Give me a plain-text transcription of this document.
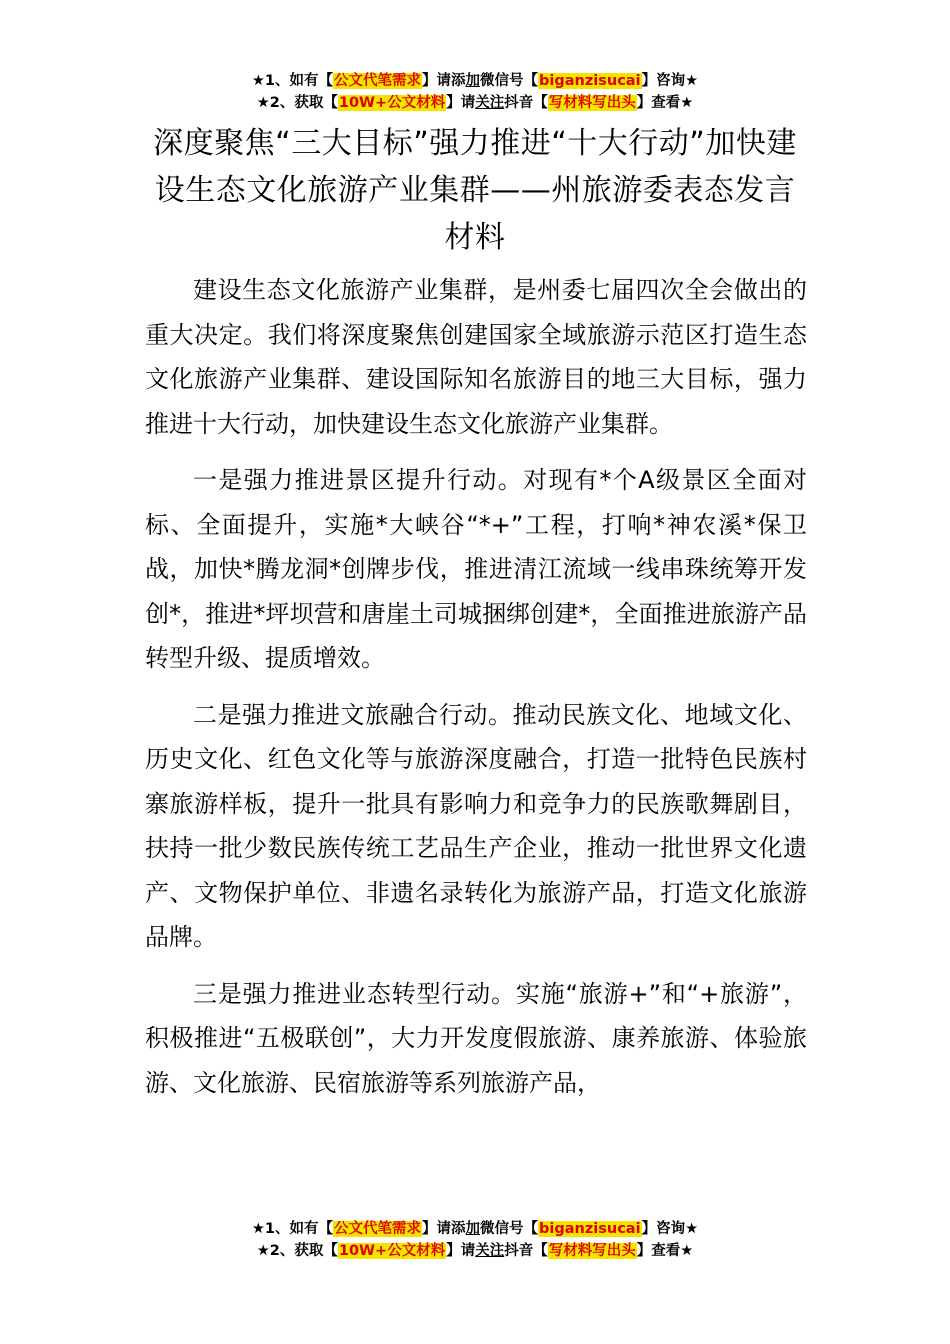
★1、如有【公文代笔需求】请添加微信号【biganzisucai】咨询★
★2、获取【10W+公文材料】请关注抖音【写材料写出头】查看★
深度聚焦“三大目标”强力推进“十大行动”加快建设生态文化旅游产业集群——州旅游委表态发言材料

建设生态文化旅游产业集群，是州委七届四次全会做出的重大决定。我们将深度聚焦创建国家全域旅游示范区打造生态文化旅游产业集群、建设国际知名旅游目的地三大目标，强力推进十大行动，加快建设生态文化旅游产业集群。

一是强力推进景区提升行动。对现有*个A级景区全面对标、全面提升，实施*大峡谷“*+”工程，打响*神农溪*保卫战，加快*腾龙洞*创牌步伐，推进清江流域一线串珠统筹开发创*，推进*坪坝营和唐崖土司城捆绑创建*，全面推进旅游产品转型升级、提质增效。

二是强力推进文旅融合行动。推动民族文化、地域文化、历史文化、红色文化等与旅游深度融合，打造一批特色民族村寨旅游样板，提升一批具有影响力和竞争力的民族歌舞剧目，扶持一批少数民族传统工艺品生产企业，推动一批世界文化遗产、文物保护单位、非遗名录转化为旅游产品，打造文化旅游品牌。

三是强力推进业态转型行动。实施“旅游+”和“+旅游”，积极推进“五极联创”，大力开发度假旅游、康养旅游、体验旅游、文化旅游、民宿旅游等系列旅游产品，

★1、如有【公文代笔需求】请添加微信号【biganzisucai】咨询★
★2、获取【10W+公文材料】请关注抖音【写材料写出头】查看★
